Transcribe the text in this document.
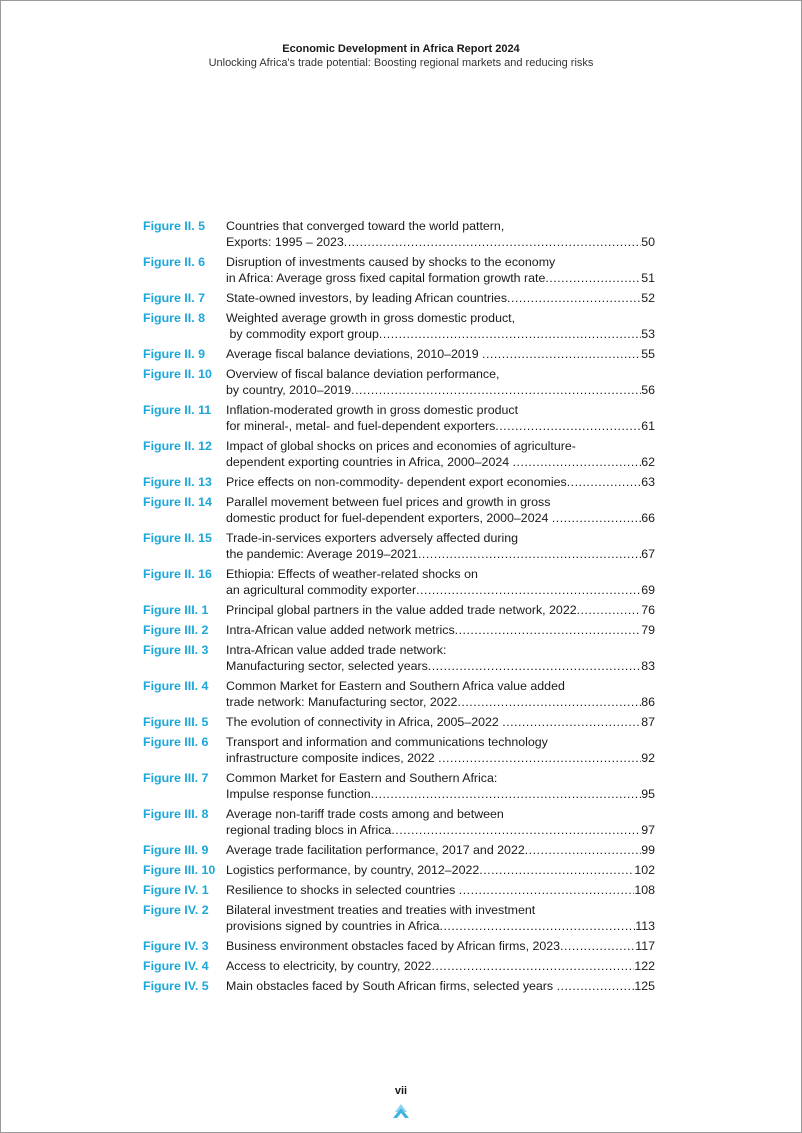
Economic Development in Africa Report 2024
Unlocking Africa's trade potential: Boosting regional markets and reducing risks
Figure II. 5	Countries that converged toward the world pattern,
Exports: 1995 – 2023 .....	50
Figure II. 6	Disruption of investments caused by shocks to the economy
in Africa: Average gross fixed capital formation growth rate .....	51
Figure II. 7	State-owned investors, by leading African countries .....	52
Figure II. 8	Weighted average growth in gross domestic product,
by commodity export group .....	53
Figure II. 9	Average fiscal balance deviations, 2010–2019 .....	55
Figure II. 10	Overview of fiscal balance deviation performance,
by country, 2010–2019 .....	56
Figure II. 11	Inflation-moderated growth in gross domestic product
for mineral-, metal- and fuel-dependent exporters .....	61
Figure II. 12	Impact of global shocks on prices and economies of agriculture-
dependent exporting countries in Africa, 2000–2024 .....	62
Figure II. 13	Price effects on non-commodity- dependent export economies .....	63
Figure II. 14	Parallel movement between fuel prices and growth in gross
domestic product for fuel-dependent exporters, 2000–2024 .....	66
Figure II. 15	Trade-in-services exporters adversely affected during
the pandemic: Average 2019–2021 .....	67
Figure II. 16	Ethiopia: Effects of weather-related shocks on
an agricultural commodity exporter .....	69
Figure III. 1	Principal global partners in the value added trade network, 2022 .....	76
Figure III. 2	Intra-African value added network metrics .....	79
Figure III. 3	Intra-African value added trade network:
Manufacturing sector, selected years .....	83
Figure III. 4	Common Market for Eastern and Southern Africa value added
trade network: Manufacturing sector, 2022 .....	86
Figure III. 5	The evolution of connectivity in Africa, 2005–2022 .....	87
Figure III. 6	Transport and information and communications technology
infrastructure composite indices, 2022 .....	92
Figure III. 7	Common Market for Eastern and Southern Africa:
Impulse response function .....	95
Figure III. 8	Average non-tariff trade costs among and between
regional trading blocs in Africa .....	97
Figure III. 9	Average trade facilitation performance, 2017 and 2022 .....	99
Figure III. 10 Logistics performance, by country, 2012–2022 .....	102
Figure IV. 1	Resilience to shocks in selected countries .....	108
Figure IV. 2	Bilateral investment treaties and treaties with investment
provisions signed by countries in Africa .....	113
Figure IV. 3	Business environment obstacles faced by African firms, 2023 .....	117
Figure IV. 4	Access to electricity, by country, 2022 .....	122
Figure IV. 5	Main obstacles faced by South African firms, selected years .....	125
vii
